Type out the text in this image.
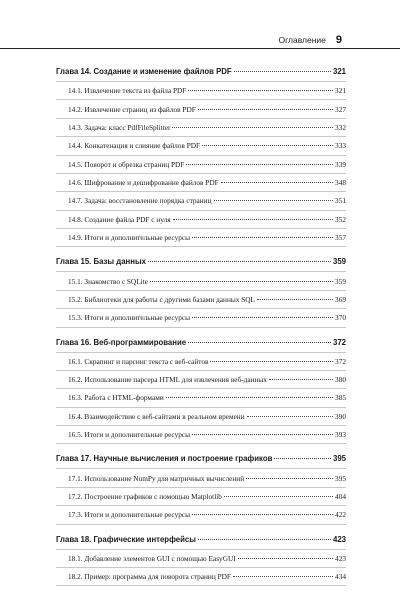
Оглавление 9
Глава 14. Создание и изменение файлов PDF	321
14.1. Извлечение текста из файла PDF	321
14.2. Извлечение страниц из файлов PDF	327
14.3. Задача: класс PdfFileSplitter	332
14.4. Конкатенация и слияние файлов PDF	333
14.5. Поворот и обрезка страниц PDF	339
14.6. Шифрование и дешифрование файлов PDF	348
14.7. Задача: восстановление порядка страниц	351
14.8. Создание файла PDF с нуля	352
14.9. Итоги и дополнительные ресурсы	357
Глава 15. Базы данных	359
15.1. Знакомство с SQLite	359
15.2. Библиотеки для работы с другими базами данных SQL	369
15.3. Итоги и дополнительные ресурсы	370
Глава 16. Веб-программирование	372
16.1. Скрапинг и парсинг текста с веб-сайтов	372
16.2. Использование парсера HTML для извлечения веб-данных	380
16.3. Работа с HTML-формами	385
16.4. Взаимодействие с веб-сайтами в реальном времени	390
16.5. Итоги и дополнительные ресурсы	393
Глава 17. Научные вычисления и построение графиков	395
17.1. Использование NumPy для матричных вычислений	395
17.2. Построение графиков с помощью Matplotlib	404
17.3. Итоги и дополнительные ресурсы	422
Глава 18. Графические интерфейсы	423
18.1. Добавление элементов GUI с помощью EasyGUI	423
18.2. Пример: программа для поворота страниц PDF	434
